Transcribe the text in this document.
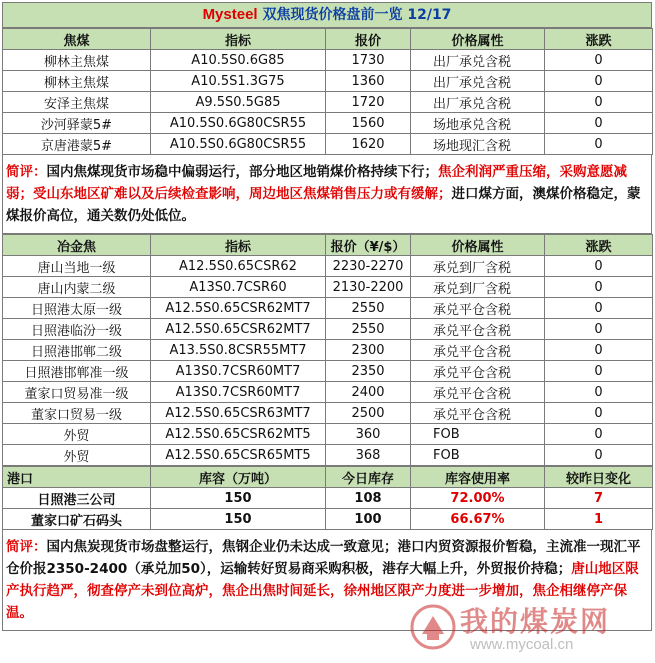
Mysteel 双焦现货价格盘前一览 12/17
焦煤	指标	报价	价格属性	涨跌
柳林主焦煤	A10.5S0.6G85	1730	出厂承兑含税	0
柳林主焦煤	A10.5S1.3G75	1360	出厂承兑含税	0
安泽主焦煤	A9.5S0.5G85	1720	出厂承兑含税	0
沙河驿蒙5#	A10.5S0.6G80CSR55	1560	场地承兑含税	0
京唐港蒙5#	A10.5S0.6G80CSR55	1620	场地现汇含税	0
简评：国内焦煤现货市场稳中偏弱运行，部分地区地销煤价格持续下行；焦企利润严重压缩，采购意愿减弱；受山东地区矿难以及后续检查影响，周边地区焦煤销售压力或有缓解；进口煤方面，澳煤价格稳定，蒙煤报价高位，通关数仍处低位。
冶金焦	指标	报价（¥/$）	价格属性	涨跌
唐山当地一级	A12.5S0.65CSR62	2230-2270	承兑到厂含税	0
唐山内蒙二级	A13S0.7CSR60	2130-2200	承兑到厂含税	0
日照港太原一级	A12.5S0.65CSR62MT7	2550	承兑平仓含税	0
日照港临汾一级	A12.5S0.65CSR62MT7	2550	承兑平仓含税	0
日照港邯郸二级	A13.5S0.8CSR55MT7	2300	承兑平仓含税	0
日照港邯郸准一级	A13S0.7CSR60MT7	2350	承兑平仓含税	0
董家口贸易准一级	A13S0.7CSR60MT7	2400	承兑平仓含税	0
董家口贸易一级	A12.5S0.65CSR63MT7	2500	承兑平仓含税	0
外贸	A12.5S0.65CSR62MT5	360	FOB	0
外贸	A12.5S0.65CSR65MT5	368	FOB	0
港口	库容（万吨）	今日库存	库容使用率	较昨日变化
日照港三公司	150	108	72.00%	7
董家口矿石码头	150	100	66.67%	1
简评：国内焦炭现货市场盘整运行，焦钢企业仍未达成一致意见；港口内贸资源报价暂稳，主流准一现汇平仓价报2350-2400（承兑加50），运输转好贸易商采购积极，港存大幅上升，外贸报价持稳；唐山地区限产执行趋严，彻查停产未到位高炉，焦企出焦时间延长，徐州地区限产力度进一步增加，焦企相继停产保温。	我的煤炭网
www.mycoal.cn
